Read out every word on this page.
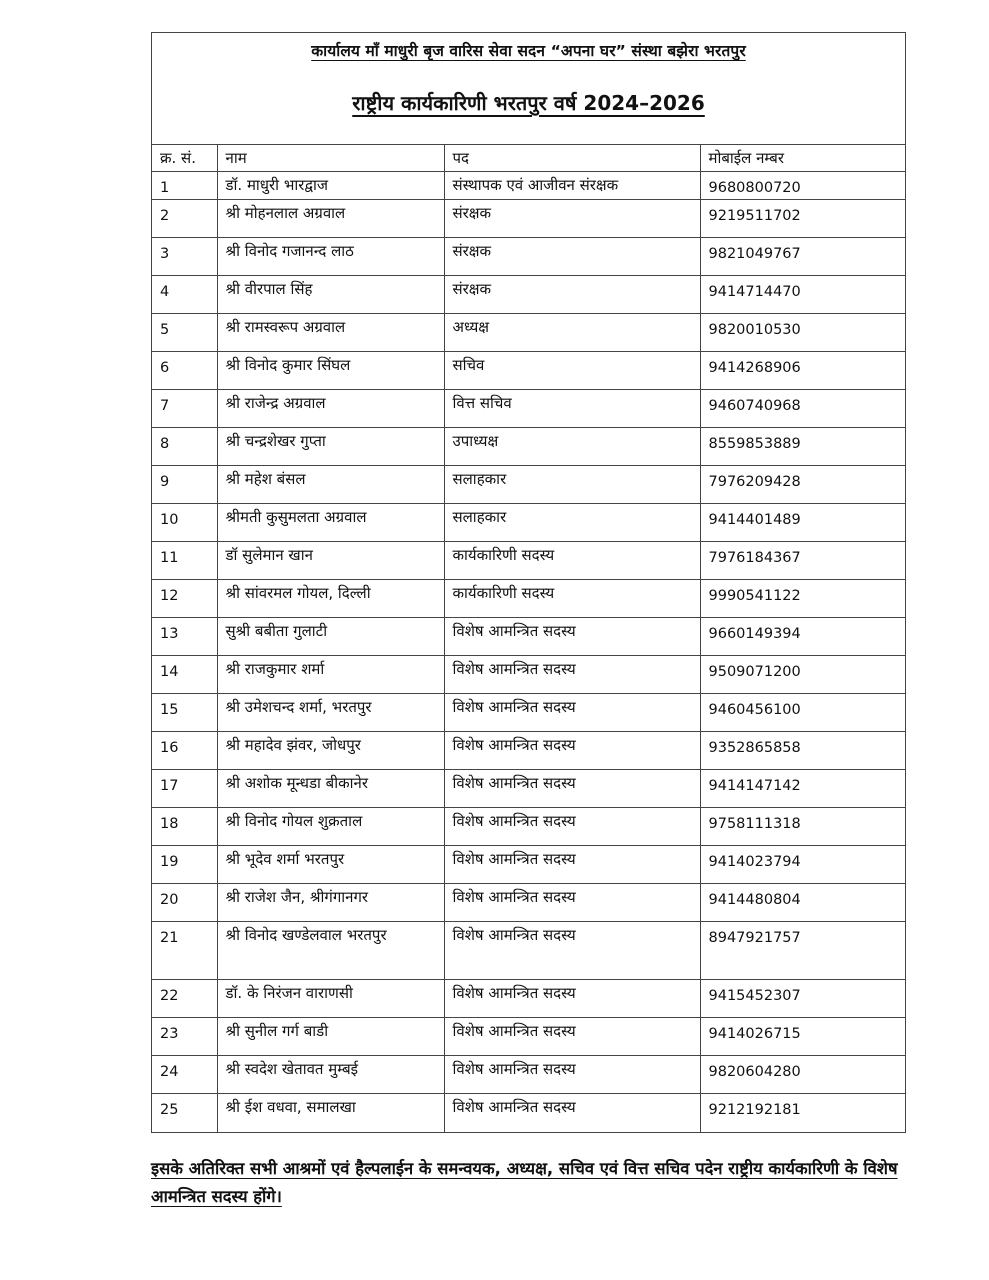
कार्यालय माँ माधुरी बृज वारिस सेवा सदन “अपना घर” संस्था बझेरा भरतपुर
राष्ट्रीय कार्यकारिणी भरतपुर वर्ष 2024–2026
क्र. सं.	नाम	पद	मोबाईल नम्बर
1	डॉ. माधुरी भारद्वाज	संस्थापक एवं आजीवन संरक्षक	9680800720
2	श्री मोहनलाल अग्रवाल	संरक्षक	9219511702
3	श्री विनोद गजानन्द लाठ	संरक्षक	9821049767
4	श्री वीरपाल सिंह	संरक्षक	9414714470
5	श्री रामस्वरूप अग्रवाल	अध्यक्ष	9820010530
6	श्री विनोद कुमार सिंघल	सचिव	9414268906
7	श्री राजेन्द्र अग्रवाल	वित्त सचिव	9460740968
8	श्री चन्द्रशेखर गुप्ता	उपाध्यक्ष	8559853889
9	श्री महेश बंसल	सलाहकार	7976209428
10	श्रीमती कुसुमलता अग्रवाल	सलाहकार	9414401489
11	डॉ सुलेमान खान	कार्यकारिणी सदस्य	7976184367
12	श्री सांवरमल गोयल, दिल्ली	कार्यकारिणी सदस्य	9990541122
13	सुश्री बबीता गुलाटी	विशेष आमन्त्रित सदस्य	9660149394
14	श्री राजकुमार शर्मा	विशेष आमन्त्रित सदस्य	9509071200
15	श्री उमेशचन्द शर्मा, भरतपुर	विशेष आमन्त्रित सदस्य	9460456100
16	श्री महादेव झंवर, जोधपुर	विशेष आमन्त्रित सदस्य	9352865858
17	श्री अशोक मून्धडा बीकानेर	विशेष आमन्त्रित सदस्य	9414147142
18	श्री विनोद गोयल शुक्रताल	विशेष आमन्त्रित सदस्य	9758111318
19	श्री भूदेव शर्मा भरतपुर	विशेष आमन्त्रित सदस्य	9414023794
20	श्री राजेश जैन, श्रीगंगानगर	विशेष आमन्त्रित सदस्य	9414480804
21	श्री विनोद खण्डेलवाल भरतपुर	विशेष आमन्त्रित सदस्य	8947921757
22	डॉ. के निरंजन वाराणसी	विशेष आमन्त्रित सदस्य	9415452307
23	श्री सुनील गर्ग बाडी	विशेष आमन्त्रित सदस्य	9414026715
24	श्री स्वदेश खेतावत मुम्बई	विशेष आमन्त्रित सदस्य	9820604280
25	श्री ईश वधवा, समालखा	विशेष आमन्त्रित सदस्य	9212192181
इसके अतिरिक्त सभी आश्रमों एवं हैल्पलाईन के समन्वयक, अध्यक्ष, सचिव एवं वित्त सचिव पदेन राष्ट्रीय कार्यकारिणी के विशेष आमन्त्रित सदस्य होंगे।
